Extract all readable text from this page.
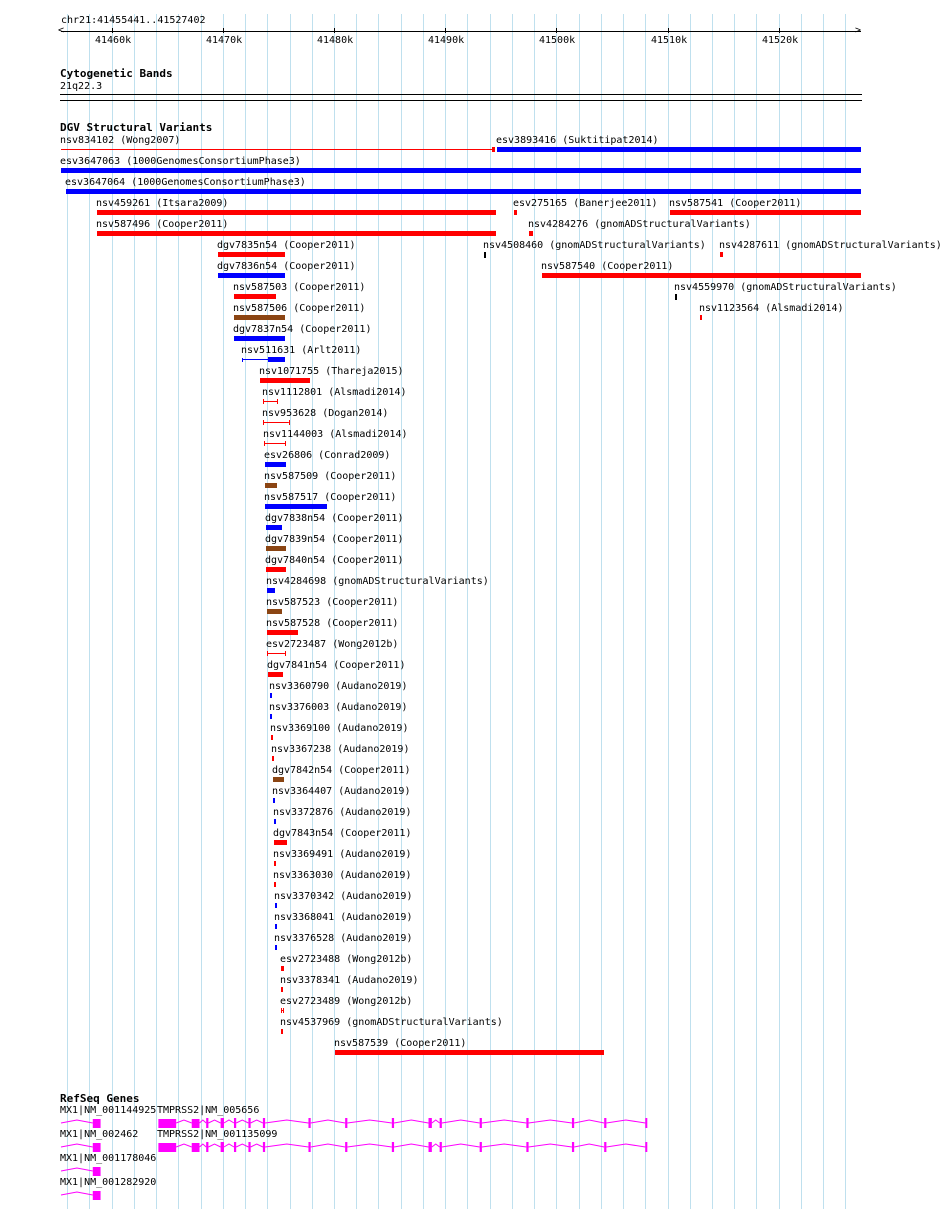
chr21:41455441..41527402
<	>
41460k	41470k	41480k	41490k	41500k	41510k	41520k
Cytogenetic Bands
21q22.3
DGV Structural Variants
nsv834102 (Wong2007)	esv3893416 (Suktitipat2014)
esv3647063 (1000GenomesConsortiumPhase3)
esv3647064 (1000GenomesConsortiumPhase3)
nsv459261 (Itsara2009)	esv275165 (Banerjee2011) nsv587541 (Cooper2011)
nsv587496 (Cooper2011)	nsv4284276 (gnomADStructuralVariants)
dgv7835n54 (Cooper2011)	nsv4508460 (gnomADStructuralVariants) nsv4287611 (gnomADStructuralVariants)
dgv7836n54 (Cooper2011)	nsv587540 (Cooper2011)
nsv587503 (Cooper2011)	nsv4559970 (gnomADStructuralVariants)
nsv587506 (Cooper2011)	nsv1123564 (Alsmadi2014)
dgv7837n54 (Cooper2011)
nsv511631 (Arlt2011)
nsv1071755 (Thareja2015)
nsv1112801 (Alsmadi2014)
nsv953628 (Dogan2014)
nsv1144003 (Alsmadi2014)
esv26806 (Conrad2009)
nsv587509 (Cooper2011)
nsv587517 (Cooper2011)
dgv7838n54 (Cooper2011)
dgv7839n54 (Cooper2011)
dgv7840n54 (Cooper2011)
nsv4284698 (gnomADStructuralVariants)
nsv587523 (Cooper2011)
nsv587528 (Cooper2011)
esv2723487 (Wong2012b)
dgv7841n54 (Cooper2011)
nsv3360790 (Audano2019)
nsv3376003 (Audano2019)
nsv3369100 (Audano2019)
nsv3367238 (Audano2019)
dgv7842n54 (Cooper2011)
nsv3364407 (Audano2019)
nsv3372876 (Audano2019)
dgv7843n54 (Cooper2011)
nsv3369491 (Audano2019)
nsv3363030 (Audano2019)
nsv3370342 (Audano2019)
nsv3368041 (Audano2019)
nsv3376528 (Audano2019)
esv2723488 (Wong2012b)
nsv3378341 (Audano2019)
esv2723489 (Wong2012b)
nsv4537969 (gnomADStructuralVariants)
nsv587539 (Cooper2011)
RefSeq Genes
MX1|NM_001144925 TMPRSS2|NM_005656
MX1|NM_002462 TMPRSS2|NM_001135099
MX1|NM_001178046
MX1|NM_001282920
